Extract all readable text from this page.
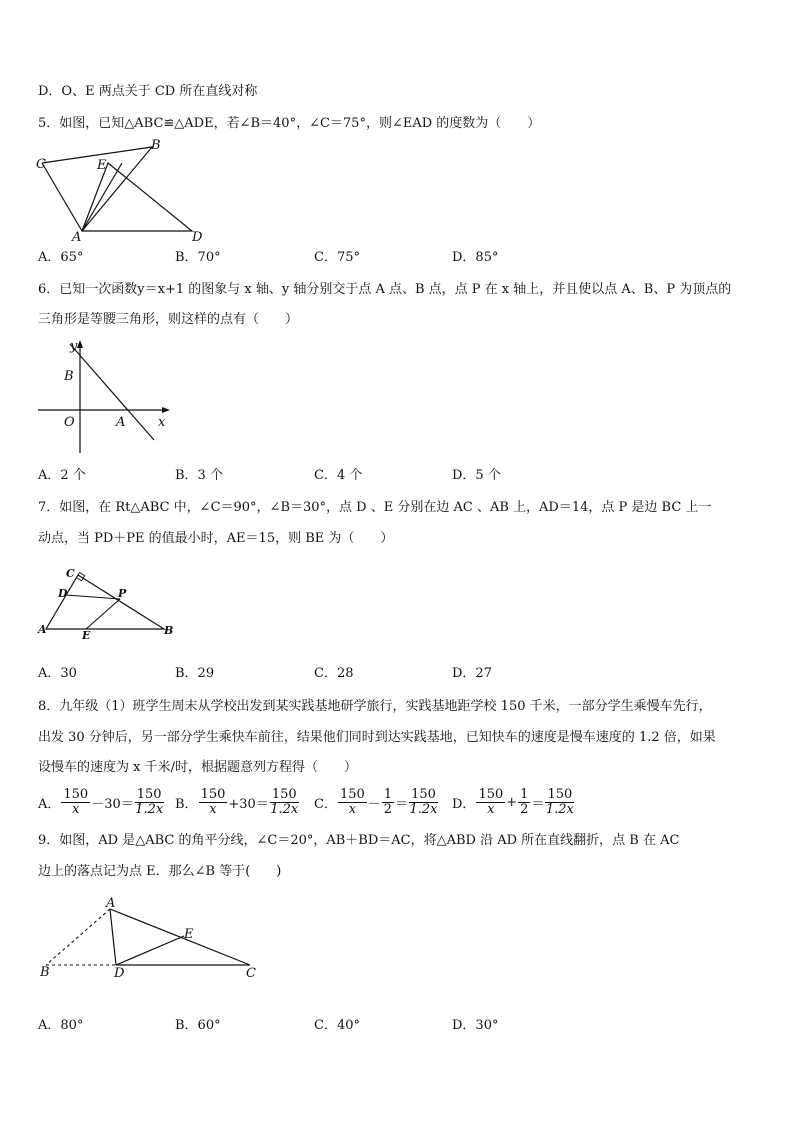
D．O、E 两点关于 CD 所在直线对称
5．如图，已知△ABC≌△ADE，若∠B＝40°，∠C＝75°，则∠EAD 的度数为（　　）
C
B
E
A	D
A．65°	B．70°	C．75°	D．85°
6．已知一次函数y＝x+1 的图象与 x 轴、y 轴分别交于点 A 点、B 点，点 P 在 x 轴上，并且使以点 A、B、P 为顶点的
三角形是等腰三角形，则这样的点有（　　）
y
B
O	A	x
A．2 个	B．3 个	C．4 个	D．5 个
7．如图，在 Rt△ABC 中，∠C＝90°，∠B＝30°，点 D 、E 分别在边 AC 、AB 上，AD＝14，点 P 是边 BC 上一
动点，当 PD＋PE 的值最小时，AE＝15，则 BE 为（　　）
C
D	P
A	E	B
A．30	B．29	C．28	D．27
8．九年级（1）班学生周末从学校出发到某实践基地研学旅行，实践基地距学校 150 千米，一部分学生乘慢车先行，
出发 30 分钟后，另一部分学生乘快车前往，结果他们同时到达实践基地，已知快车的速度是慢车速度的 1.2 倍，如果
设慢车的速度为 x 千米/时，根据题意列方程得（　　）
A． $\frac{150}{x} -30= \frac{150}{1.2x}$ B． $\frac{150}{x} +30= \frac{150}{1.2x}$ C． $\frac{150}{x} - \frac{1}{2} = \frac{150}{1.2x}$ D． $\frac{150}{x} + \frac{1}{2} = \frac{150}{1.2x}$
9．如图，AD 是△ABC 的角平分线，∠C＝20°，AB＋BD＝AC，将△ABD 沿 AD 所在直线翻折，点 B 在 AC
边上的落点记为点 E．那么∠B 等于(　　)
A
E
B	D	C
A．80°	B．60°	C．40°	D．30°
